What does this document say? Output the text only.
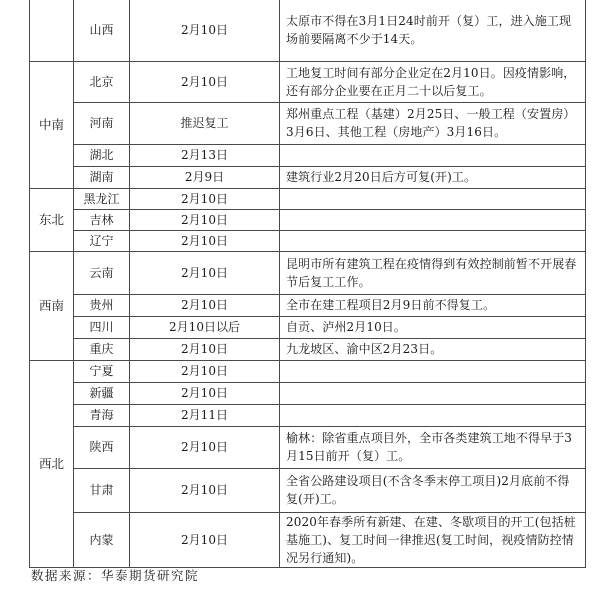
	山西	2月10日	太原市不得在3月1日24时前开（复）工，进入施工现场前要隔离不少于14天。
中南	北京	2月10日	工地复工时间有部分企业定在2月10日。因疫情影响，还有部分企业要在正月二十以后复工。
	河南	推迟复工	郑州重点工程（基建）2月25日、一般工程（安置房）3月6日、其他工程（房地产）3月16日。
	湖北	2月13日	
	湖南	2月9日	建筑行业2月20日后方可复(开)工。
东北	黑龙江	2月10日	
	吉林	2月10日	
	辽宁	2月10日	
西南	云南	2月10日	昆明市所有建筑工程在疫情得到有效控制前暂不开展春节后复工工作。
	贵州	2月10日	全市在建工程项目2月9日前不得复工。
	四川	2月10日以后	自贡、泸州2月10日。
	重庆	2月10日	九龙坡区、渝中区2月23日。
西北	宁夏	2月10日	
	新疆	2月10日	
	青海	2月11日	
	陕西	2月10日	榆林：除省重点项目外，全市各类建筑工地不得早于3月15日前开（复）工。
	甘肃	2月10日	全省公路建设项目(不含冬季末停工项目)2月底前不得复(开)工。
	内蒙	2月10日	2020年春季所有新建、在建、冬歇项目的开工(包括桩基施工)、复工时间一律推迟(复工时间，视疫情防控情况另行通知)。
数据来源：华泰期货研究院
